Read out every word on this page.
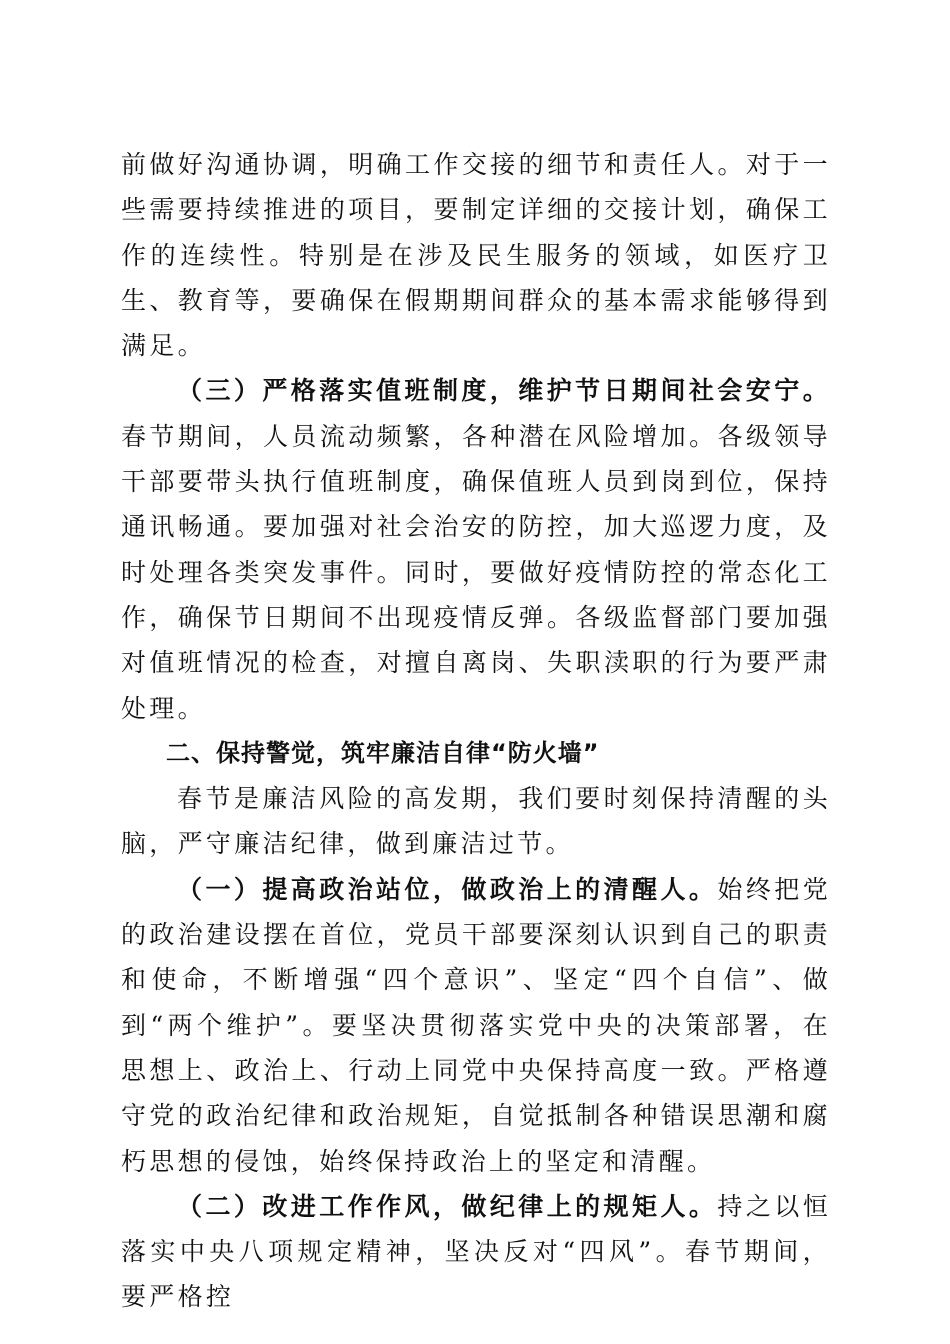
前做好沟通协调，明确工作交接的细节和责任人。对于一些需要持续推进的项目，要制定详细的交接计划，确保工作的连续性。特别是在涉及民生服务的领域，如医疗卫生、教育等，要确保在假期期间群众的基本需求能够得到满足。

（三）严格落实值班制度，维护节日期间社会安宁。春节期间，人员流动频繁，各种潜在风险增加。各级领导干部要带头执行值班制度，确保值班人员到岗到位，保持通讯畅通。要加强对社会治安的防控，加大巡逻力度，及时处理各类突发事件。同时，要做好疫情防控的常态化工作，确保节日期间不出现疫情反弹。各级监督部门要加强对值班情况的检查，对擅自离岗、失职渎职的行为要严肃处理。

二、保持警觉，筑牢廉洁自律“防火墙”

春节是廉洁风险的高发期，我们要时刻保持清醒的头脑，严守廉洁纪律，做到廉洁过节。

（一）提高政治站位，做政治上的清醒人。始终把党的政治建设摆在首位，党员干部要深刻认识到自己的职责和使命，不断增强“四个意识”、坚定“四个自信”、做到“两个维护”。要坚决贯彻落实党中央的决策部署，在思想上、政治上、行动上同党中央保持高度一致。严格遵守党的政治纪律和政治规矩，自觉抵制各种错误思潮和腐朽思想的侵蚀，始终保持政治上的坚定和清醒。

（二）改进工作作风，做纪律上的规矩人。持之以恒落实中央八项规定精神，坚决反对“四风”。春节期间，要严格控
